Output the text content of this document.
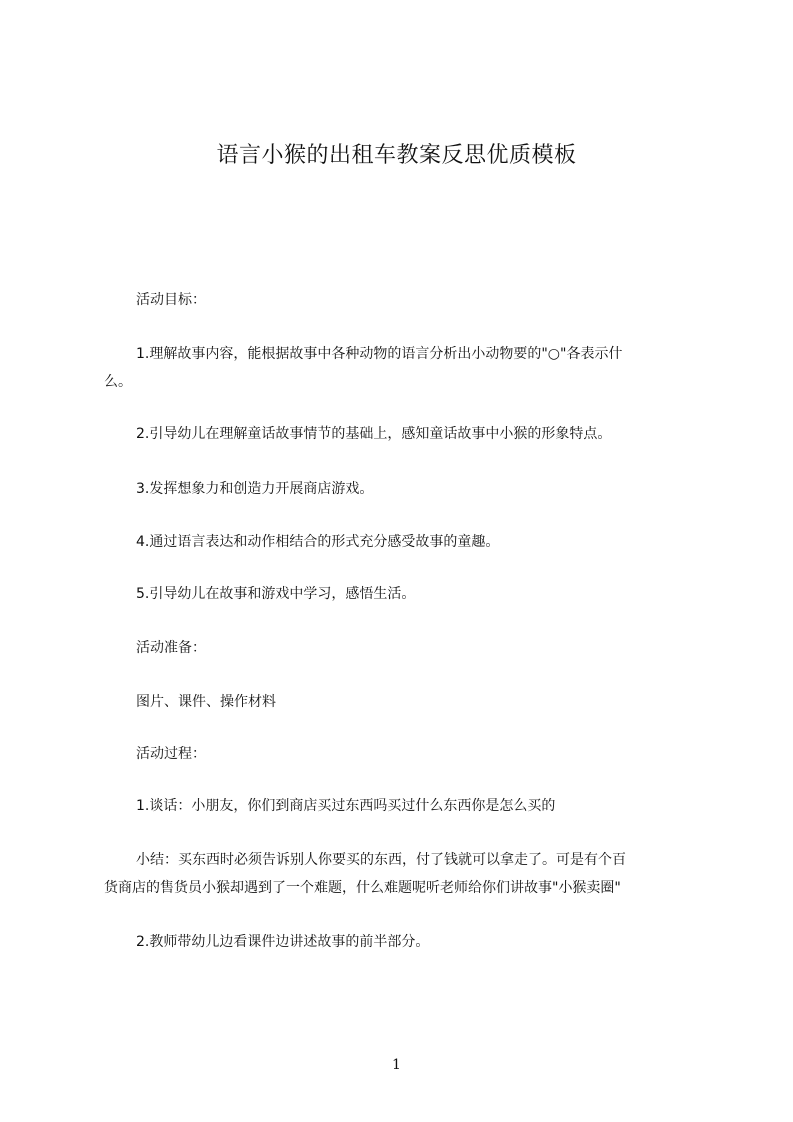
语言小猴的出租车教案反思优质模板
活动目标：
1.理解故事内容，能根据故事中各种动物的语言分析出小动物要的"○"各表示什
么。
2.引导幼儿在理解童话故事情节的基础上，感知童话故事中小猴的形象特点。
3.发挥想象力和创造力开展商店游戏。
4.通过语言表达和动作相结合的形式充分感受故事的童趣。
5.引导幼儿在故事和游戏中学习，感悟生活。
活动准备：
图片、课件、操作材料
活动过程：
1.谈话：小朋友，你们到商店买过东西吗买过什么东西你是怎么买的
小结：买东西时必须告诉别人你要买的东西，付了钱就可以拿走了。可是有个百
货商店的售货员小猴却遇到了一个难题，什么难题呢听老师给你们讲故事"小猴卖圈"
2.教师带幼儿边看课件边讲述故事的前半部分。
1
